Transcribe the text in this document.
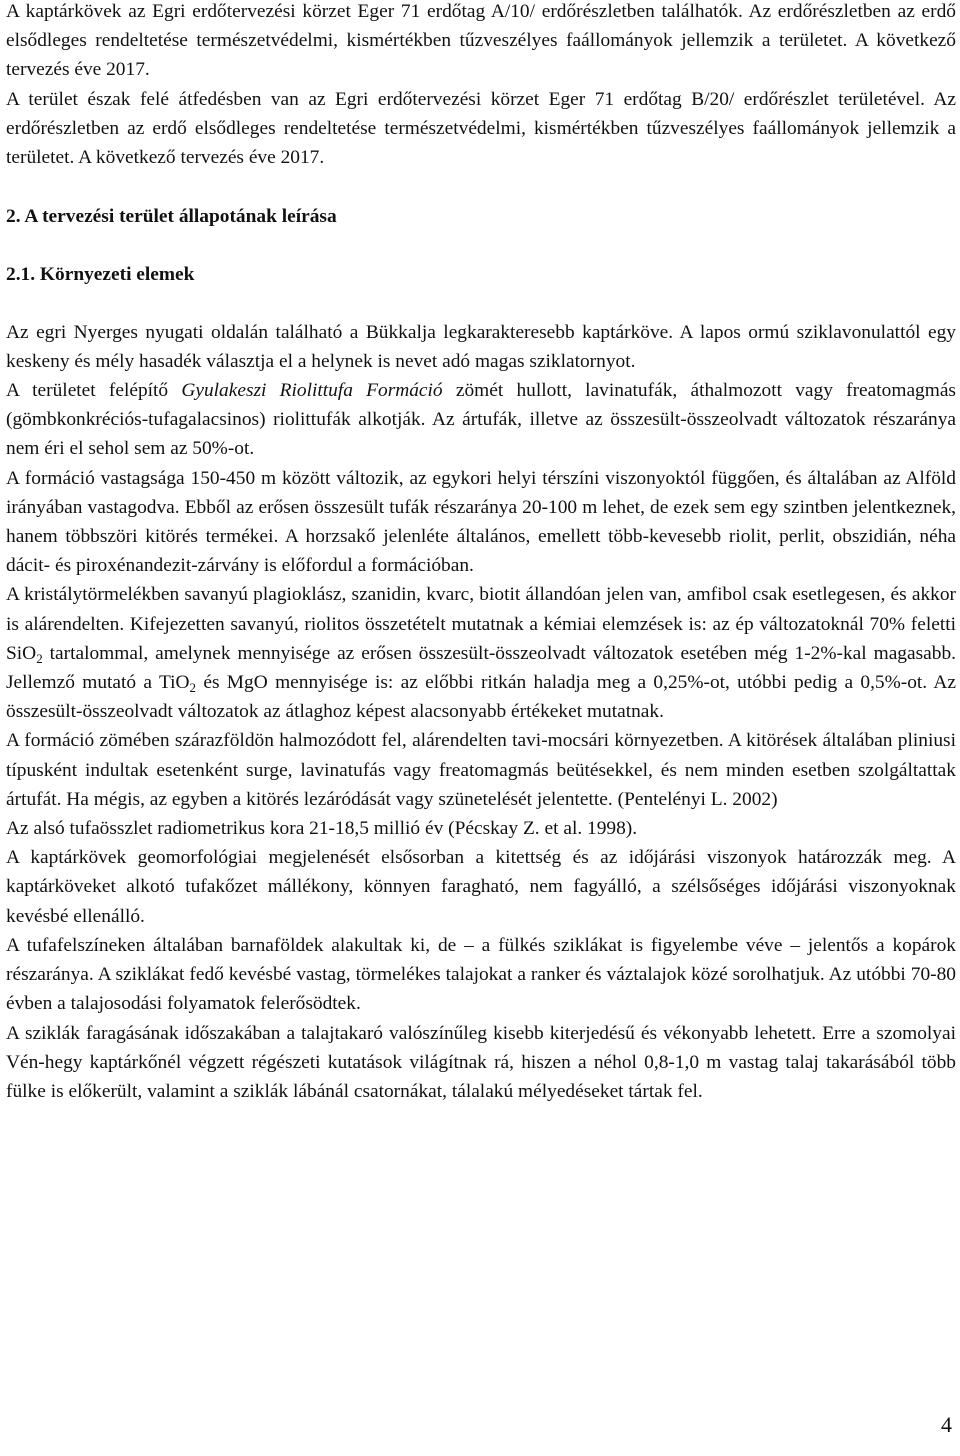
A kaptárkövek az Egri erdőtervezési körzet Eger 71 erdőtag A/10/ erdőrészletben találhatók. Az erdőrészletben az erdő elsődleges rendeltetése természetvédelmi, kismértékben tűzveszélyes faállományok jellemzik a területet. A következő tervezés éve 2017.

A terület észak felé átfedésben van az Egri erdőtervezési körzet Eger 71 erdőtag B/20/ erdőrészlet területével. Az erdőrészletben az erdő elsődleges rendeltetése természetvédelmi, kismértékben tűzveszélyes faállományok jellemzik a területet. A következő tervezés éve 2017.

2. A tervezési terület állapotának leírása
2.1. Környezeti elemek

Az egri Nyerges nyugati oldalán található a Bükkalja legkarakteresebb kaptárköve. A lapos ormú sziklavonulattól egy keskeny és mély hasadék választja el a helynek is nevet adó magas sziklatornyot.

A területet felépítő Gyulakeszi Riolittufa Formáció zömét hullott, lavinatufák, áthalmozott vagy freatomagmás (gömbkonkréciós-tufagalacsinos) riolittufák alkotják. Az ártufák, illetve az összesült-összeolvadt változatok részaránya nem éri el sehol sem az 50%-ot.

A formáció vastagsága 150-450 m között változik, az egykori helyi térszíni viszonyoktól függően, és általában az Alföld irányában vastagodva. Ebből az erősen összesült tufák részaránya 20-100 m lehet, de ezek sem egy szintben jelentkeznek, hanem többszöri kitörés termékei. A horzsakő jelenléte általános, emellett több-kevesebb riolit, perlit, obszidián, néha dácit- és piroxénandezit-zárvány is előfordul a formációban.

A kristálytörmelékben savanyú plagioklász, szanidin, kvarc, biotit állandóan jelen van, amfibol csak esetlegesen, és akkor is alárendelten. Kifejezetten savanyú, riolitos összetételt mutatnak a kémiai elemzések is: az ép változatoknál 70% feletti SiO$_2$ tartalommal, amelynek mennyisége az erősen összesült-összeolvadt változatok esetében még 1-2%-kal magasabb. Jellemző mutató a TiO$_2$ és MgO mennyisége is: az előbbi ritkán haladja meg a 0,25%-ot, utóbbi pedig a 0,5%-ot. Az összesült-összeolvadt változatok az átlaghoz képest alacsonyabb értékeket mutatnak.

A formáció zömében szárazföldön halmozódott fel, alárendelten tavi-mocsári környezetben. A kitörések általában pliniusi típusként indultak esetenként surge, lavinatufás vagy freatomagmás beütésekkel, és nem minden esetben szolgáltattak ártufát. Ha mégis, az egyben a kitörés lezáródását vagy szünetelését jelentette. (Pentelényi L. 2002)

Az alsó tufaösszlet radiometrikus kora 21-18,5 millió év (Pécskay Z. et al. 1998).

A kaptárkövek geomorfológiai megjelenését elsősorban a kitettség és az időjárási viszonyok határozzák meg. A kaptárköveket alkotó tufakőzet mállékony, könnyen faragható, nem fagyálló, a szélsőséges időjárási viszonyoknak kevésbé ellenálló.

A tufafelszíneken általában barnaföldek alakultak ki, de – a fülkés sziklákat is figyelembe véve – jelentős a kopárok részaránya. A sziklákat fedő kevésbé vastag, törmelékes talajokat a ranker és váztalajok közé sorolhatjuk. Az utóbbi 70-80 évben a talajosodási folyamatok felerősödtek.

A sziklák faragásának időszakában a talajtakaró valószínűleg kisebb kiterjedésű és vékonyabb lehetett. Erre a szomolyai Vén-hegy kaptárkőnél végzett régészeti kutatások világítnak rá, hiszen a néhol 0,8-1,0 m vastag talaj takarásából több fülke is előkerült, valamint a sziklák lábánál csatornákat, tálalakú mélyedéseket tártak fel.

4
